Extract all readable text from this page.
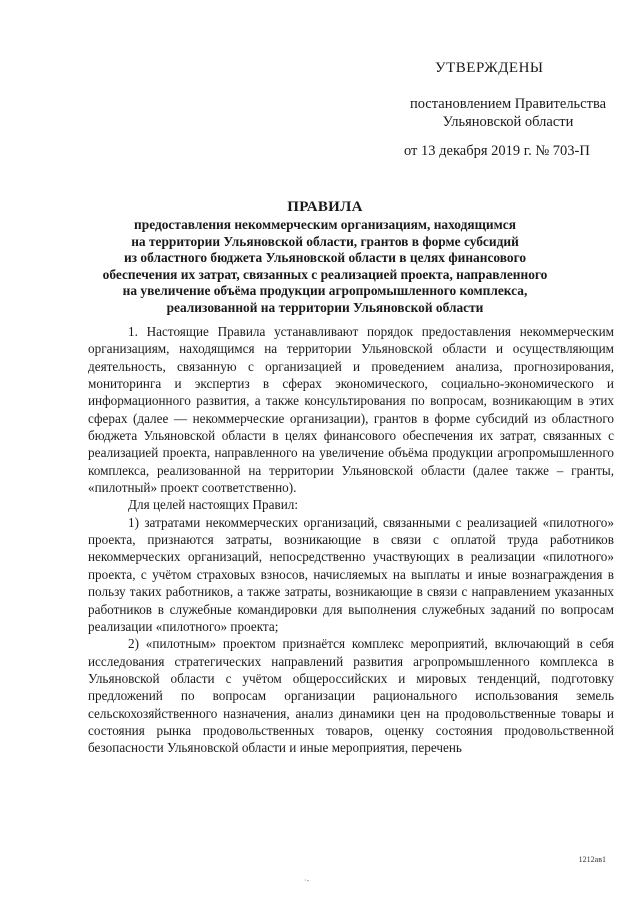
УТВЕРЖДЕНЫ
постановлением Правительства
Ульяновской области
от 13 декабря 2019 г. № 703-П
ПРАВИЛА
предоставления некоммерческим организациям, находящимся
на территории Ульяновской области, грантов в форме субсидий
из областного бюджета Ульяновской области в целях финансового
обеспечения их затрат, связанных с реализацией проекта, направленного
на увеличение объёма продукции агропромышленного комплекса,
реализованной на территории Ульяновской области

1. Настоящие Правила устанавливают порядок предоставления некоммерческим организациям, находящимся на территории Ульяновской области и осуществляющим деятельность, связанную с организацией и проведением анализа, прогнозирования, мониторинга и экспертиз в сферах экономического, социально-экономического и информационного развития, а также консультирования по вопросам, возникающим в этих сферах (далее — некоммерческие организации), грантов в форме субсидий из областного бюджета Ульяновской области в целях финансового обеспечения их затрат, связанных с реализацией проекта, направленного на увеличение объёма продукции агропромышленного комплекса, реализованной на территории Ульяновской области (далее также – гранты, «пилотный» проект соответственно).

Для целей настоящих Правил:

1) затратами некоммерческих организаций, связанными с реализацией «пилотного» проекта, признаются затраты, возникающие в связи с оплатой труда работников некоммерческих организаций, непосредственно участвующих в реализации «пилотного» проекта, с учётом страховых взносов, начисляемых на выплаты и иные вознаграждения в пользу таких работников, а также затраты, возникающие в связи с направлением указанных работников в служебные командировки для выполнения служебных заданий по вопросам реализации «пилотного» проекта;

2) «пилотным» проектом признаётся комплекс мероприятий, включающий в себя исследования стратегических направлений развития агропромышленного комплекса в Ульяновской области с учётом общероссийских и мировых тенденций, подготовку предложений по вопросам организации рационального использования земель сельскохозяйственного назначения, анализ динамики цен на продовольственные товары и состояния рынка продовольственных товаров, оценку состояния продовольственной безопасности Ульяновской области и иные мероприятия, перечень

1212ав1
·-
